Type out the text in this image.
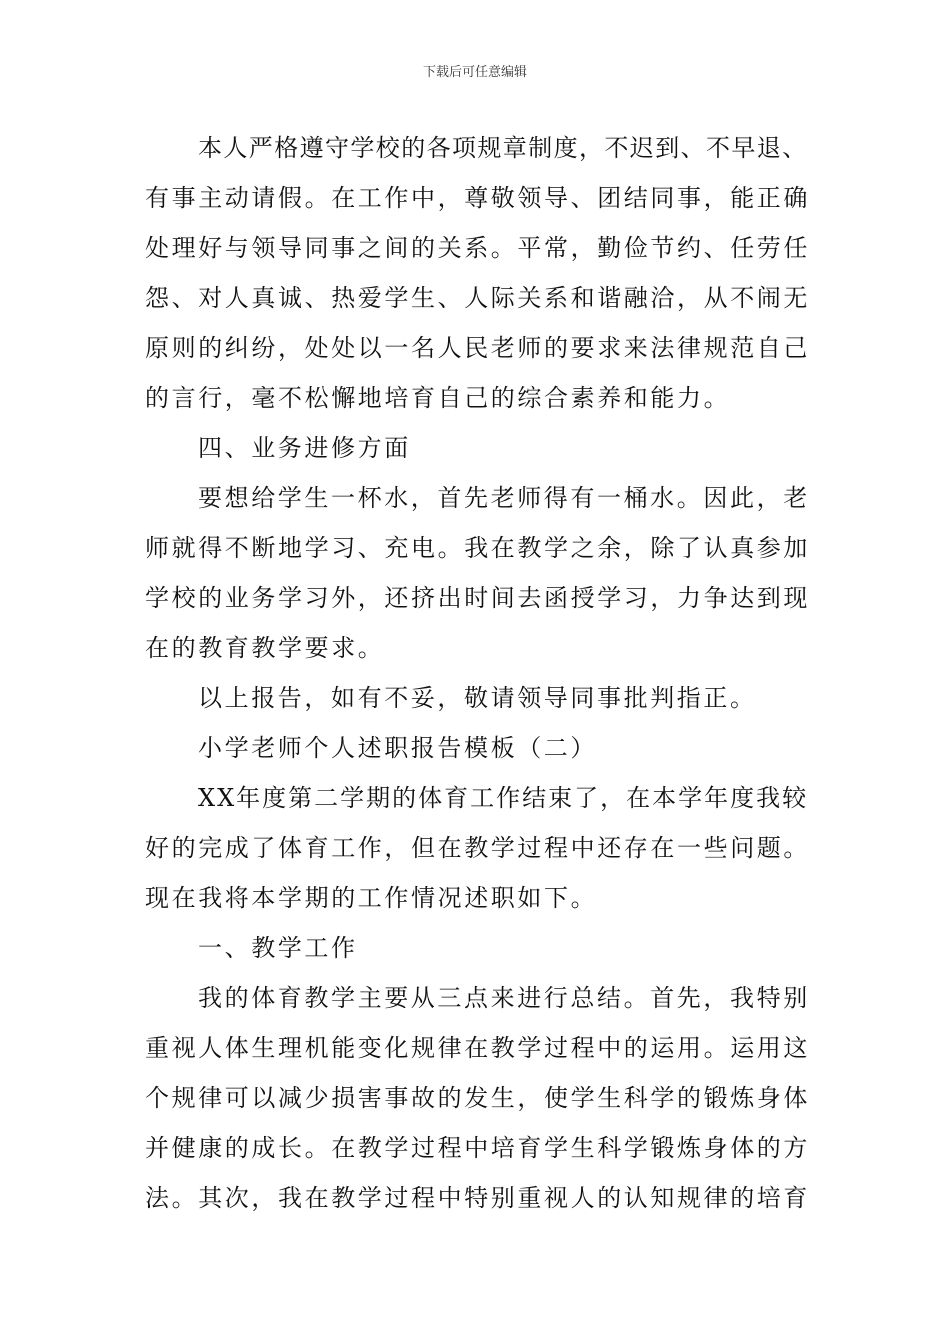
下载后可任意编辑
本人严格遵守学校的各项规章制度，不迟到、不早退、
有事主动请假。在工作中，尊敬领导、团结同事，能正确
处理好与领导同事之间的关系。平常，勤俭节约、任劳任
怨、对人真诚、热爱学生、人际关系和谐融洽，从不闹无
原则的纠纷，处处以一名人民老师的要求来法律规范自己
的言行，毫不松懈地培育自己的综合素养和能力。
四、业务进修方面
要想给学生一杯水，首先老师得有一桶水。因此，老
师就得不断地学习、充电。我在教学之余，除了认真参加
学校的业务学习外，还挤出时间去函授学习，力争达到现
在的教育教学要求。
以上报告，如有不妥，敬请领导同事批判指正。
小学老师个人述职报告模板（二）
XX年度第二学期的体育工作结束了，在本学年度我较
好的完成了体育工作，但在教学过程中还存在一些问题。
现在我将本学期的工作情况述职如下。
一、教学工作
我的体育教学主要从三点来进行总结。首先，我特别
重视人体生理机能变化规律在教学过程中的运用。运用这
个规律可以减少损害事故的发生，使学生科学的锻炼身体
并健康的成长。在教学过程中培育学生科学锻炼身体的方
法。其次，我在教学过程中特别重视人的认知规律的培育
